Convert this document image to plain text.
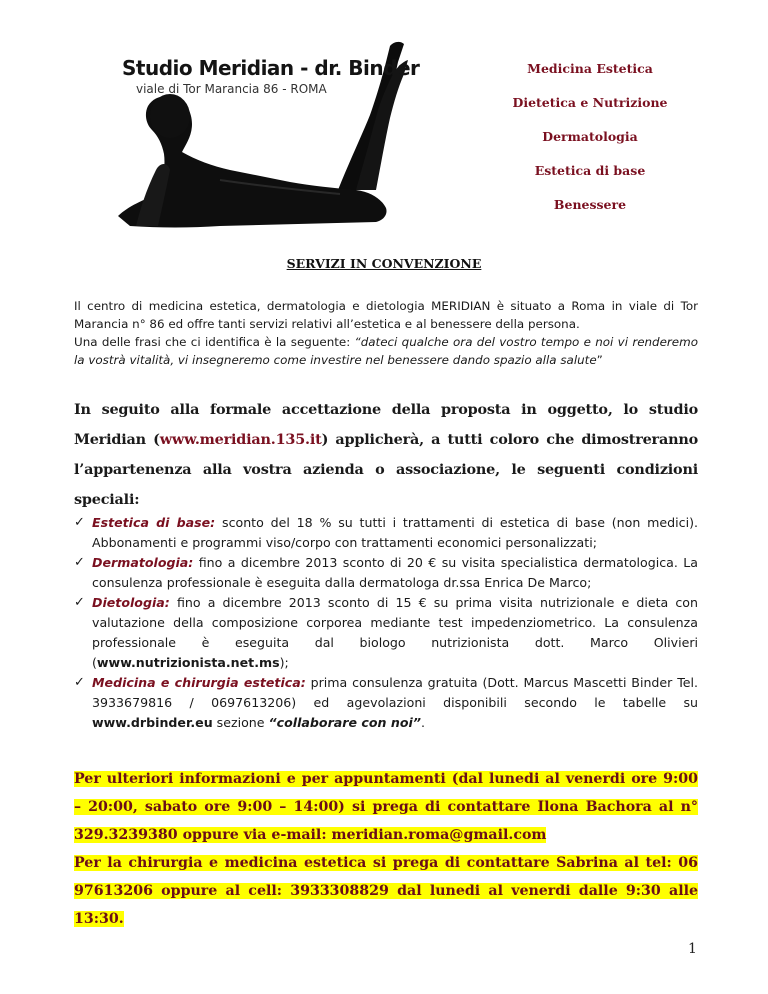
Studio Meridian - dr. Binder
viale di Tor Marancia 86 - ROMA
Medicina Estetica
Dietetica e Nutrizione
Dermatologia
Estetica di base
Benessere
SERVIZI IN CONVENZIONE

Il centro di medicina estetica, dermatologia e dietologia MERIDIAN è situato a Roma in viale di Tor Marancia n° 86 ed offre tanti servizi relativi all’estetica e al benessere della persona.

Una delle frasi che ci identifica è la seguente: “dateci qualche ora del vostro tempo e noi vi renderemo la vostrà vitalità, vi insegneremo come investire nel benessere dando spazio alla salute”

In seguito alla formale accettazione della proposta in oggetto, lo studio Meridian (www.meridian.135.it) applicherà, a tutti coloro che dimostreranno l’appartenenza alla vostra azienda o associazione, le seguenti condizioni speciali:
✓ Estetica di base: sconto del 18 % su tutti i trattamenti di estetica di base (non medici). Abbonamenti e programmi viso/corpo con trattamenti economici personalizzati;
✓ Dermatologia: fino a dicembre 2013 sconto di 20 € su visita specialistica dermatologica. La consulenza professionale è eseguita dalla dermatologa dr.ssa Enrica De Marco;
✓ Dietologia: fino a dicembre 2013 sconto di 15 € su prima visita nutrizionale e dieta con valutazione della composizione corporea mediante test impedenziometrico. La consulenza professionale è eseguita dal biologo nutrizionista dott. Marco Olivieri (www.nutrizionista.net.ms);
✓ Medicina e chirurgia estetica: prima consulenza gratuita (Dott. Marcus Mascetti Binder Tel. 3933679816 / 0697613206) ed agevolazioni disponibili secondo le tabelle su www.drbinder.eu sezione “collaborare con noi”.

Per ulteriori informazioni e per appuntamenti (dal lunedi al venerdi ore 9:00 – 20:00, sabato ore 9:00 – 14:00) si prega di contattare Ilona Bachora al n° 329.3239380 oppure via e-mail: meridian.roma@gmail.com

Per la chirurgia e medicina estetica si prega di contattare Sabrina al tel: 06 97613206 oppure al cell: 3933308829 dal lunedi al venerdi dalle 9:30 alle 13:30.

1
